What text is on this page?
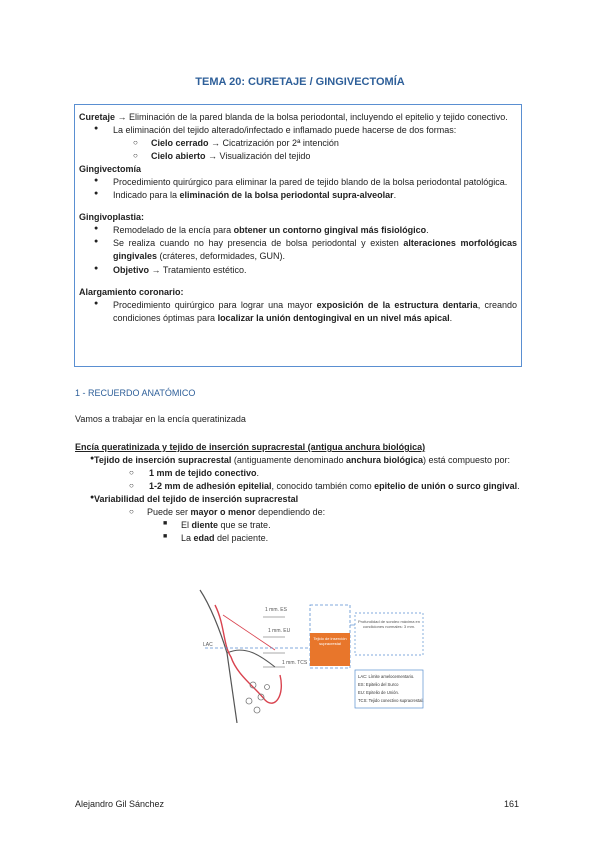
TEMA 20: CURETAJE / GINGIVECTOMÍA

Curetaje → Eliminación de la pared blanda de la bolsa periodontal, incluyendo el epitelio y tejido conectivo.

● La eliminación del tejido alterado/infectado e inflamado puede hacerse de dos formas:
○ Cielo cerrado → Cicatrización por 2ª intención
○ Cielo abierto → Visualización del tejido

Gingivectomía

● Procedimiento quirúrgico para eliminar la pared de tejido blando de la bolsa periodontal patológica.
● Indicado para la eliminación de la bolsa periodontal supra-alveolar.

Gingivoplastia:

● Remodelado de la encía para obtener un contorno gingival más fisiológico.
● Se realiza cuando no hay presencia de bolsa periodontal y existen alteraciones morfológicas gingivales (cráteres, deformidades, GUN).
● Objetivo → Tratamiento estético.

Alargamiento coronario:

● Procedimiento quirúrgico para lograr una mayor exposición de la estructura dentaria, creando condiciones óptimas para localizar la unión dentogingival en un nivel más apical.
1 - RECUERDO ANATÓMICO
Vamos a trabajar en la encía queratinizada

Encía queratinizada y tejido de inserción supracrestal (antigua anchura biológica)

● Tejido de inserción supracrestal (antiguamente denominado anchura biológica) está compuesto por:
○ 1 mm de tejido conectivo.
○ 1-2 mm de adhesión epitelial, conocido también como epitelio de unión o surco gingival.
● Variabilidad del tejido de inserción supracrestal
○ Puede ser mayor o menor dependiendo de:
■ El diente que se trate.
■ La edad del paciente.
LAC
1 mm. ES
1 mm. EU
1 mm. TCS
Tejido de inserción supracrestal
Profundidad de sondeo máxima en condiciones normales: 3 mm.
LAC: Límite amelocementario.
ES: Epitelio del Surco
EU: Epitelio de Unión.
TCS: Tejido conectivo supracrestal.
Alejandro Gil Sánchez	161
